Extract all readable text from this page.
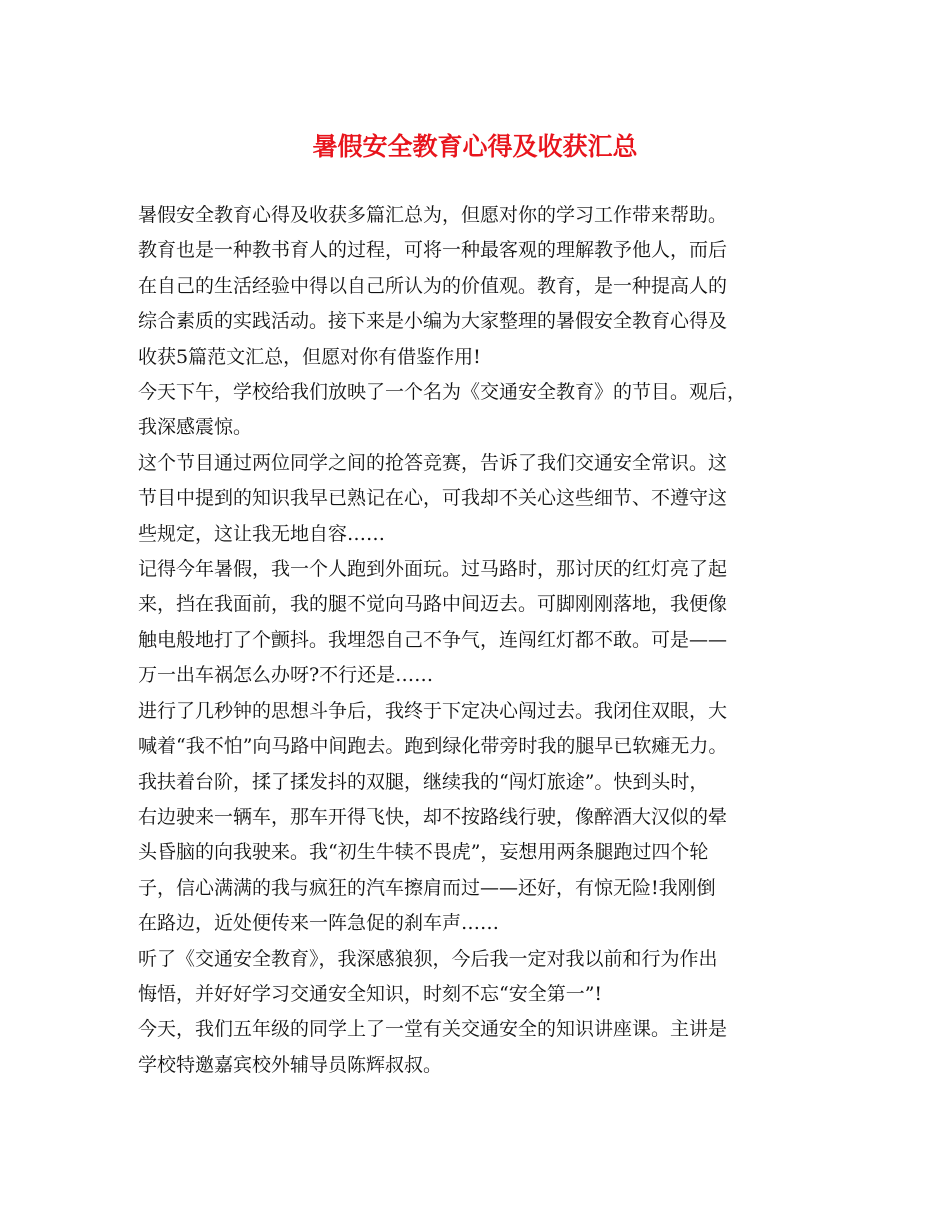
暑假安全教育心得及收获汇总
暑假安全教育心得及收获多篇汇总为，但愿对你的学习工作带来帮助。
教育也是一种教书育人的过程，可将一种最客观的理解教予他人，而后
在自己的生活经验中得以自己所认为的价值观。教育，是一种提高人的
综合素质的实践活动。接下来是小编为大家整理的暑假安全教育心得及
收获5篇范文汇总，但愿对你有借鉴作用!
今天下午，学校给我们放映了一个名为《交通安全教育》的节目。观后，
我深感震惊。
这个节目通过两位同学之间的抢答竞赛，告诉了我们交通安全常识。这
节目中提到的知识我早已熟记在心，可我却不关心这些细节、不遵守这
些规定，这让我无地自容……
记得今年暑假，我一个人跑到外面玩。过马路时，那讨厌的红灯亮了起
来，挡在我面前，我的腿不觉向马路中间迈去。可脚刚刚落地，我便像
触电般地打了个颤抖。我埋怨自己不争气，连闯红灯都不敢。可是——
万一出车祸怎么办呀?不行还是……
进行了几秒钟的思想斗争后，我终于下定决心闯过去。我闭住双眼，大
喊着“我不怕”向马路中间跑去。跑到绿化带旁时我的腿早已软瘫无力。
我扶着台阶，揉了揉发抖的双腿，继续我的“闯灯旅途”。快到头时，
右边驶来一辆车，那车开得飞快，却不按路线行驶，像醉酒大汉似的晕
头昏脑的向我驶来。我“初生牛犊不畏虎”，妄想用两条腿跑过四个轮
子，信心满满的我与疯狂的汽车擦肩而过——还好，有惊无险!我刚倒
在路边，近处便传来一阵急促的刹车声……
听了《交通安全教育》，我深感狼狈，今后我一定对我以前和行为作出
悔悟，并好好学习交通安全知识，时刻不忘“安全第一”!
今天，我们五年级的同学上了一堂有关交通安全的知识讲座课。主讲是
学校特邀嘉宾校外辅导员陈辉叔叔。
